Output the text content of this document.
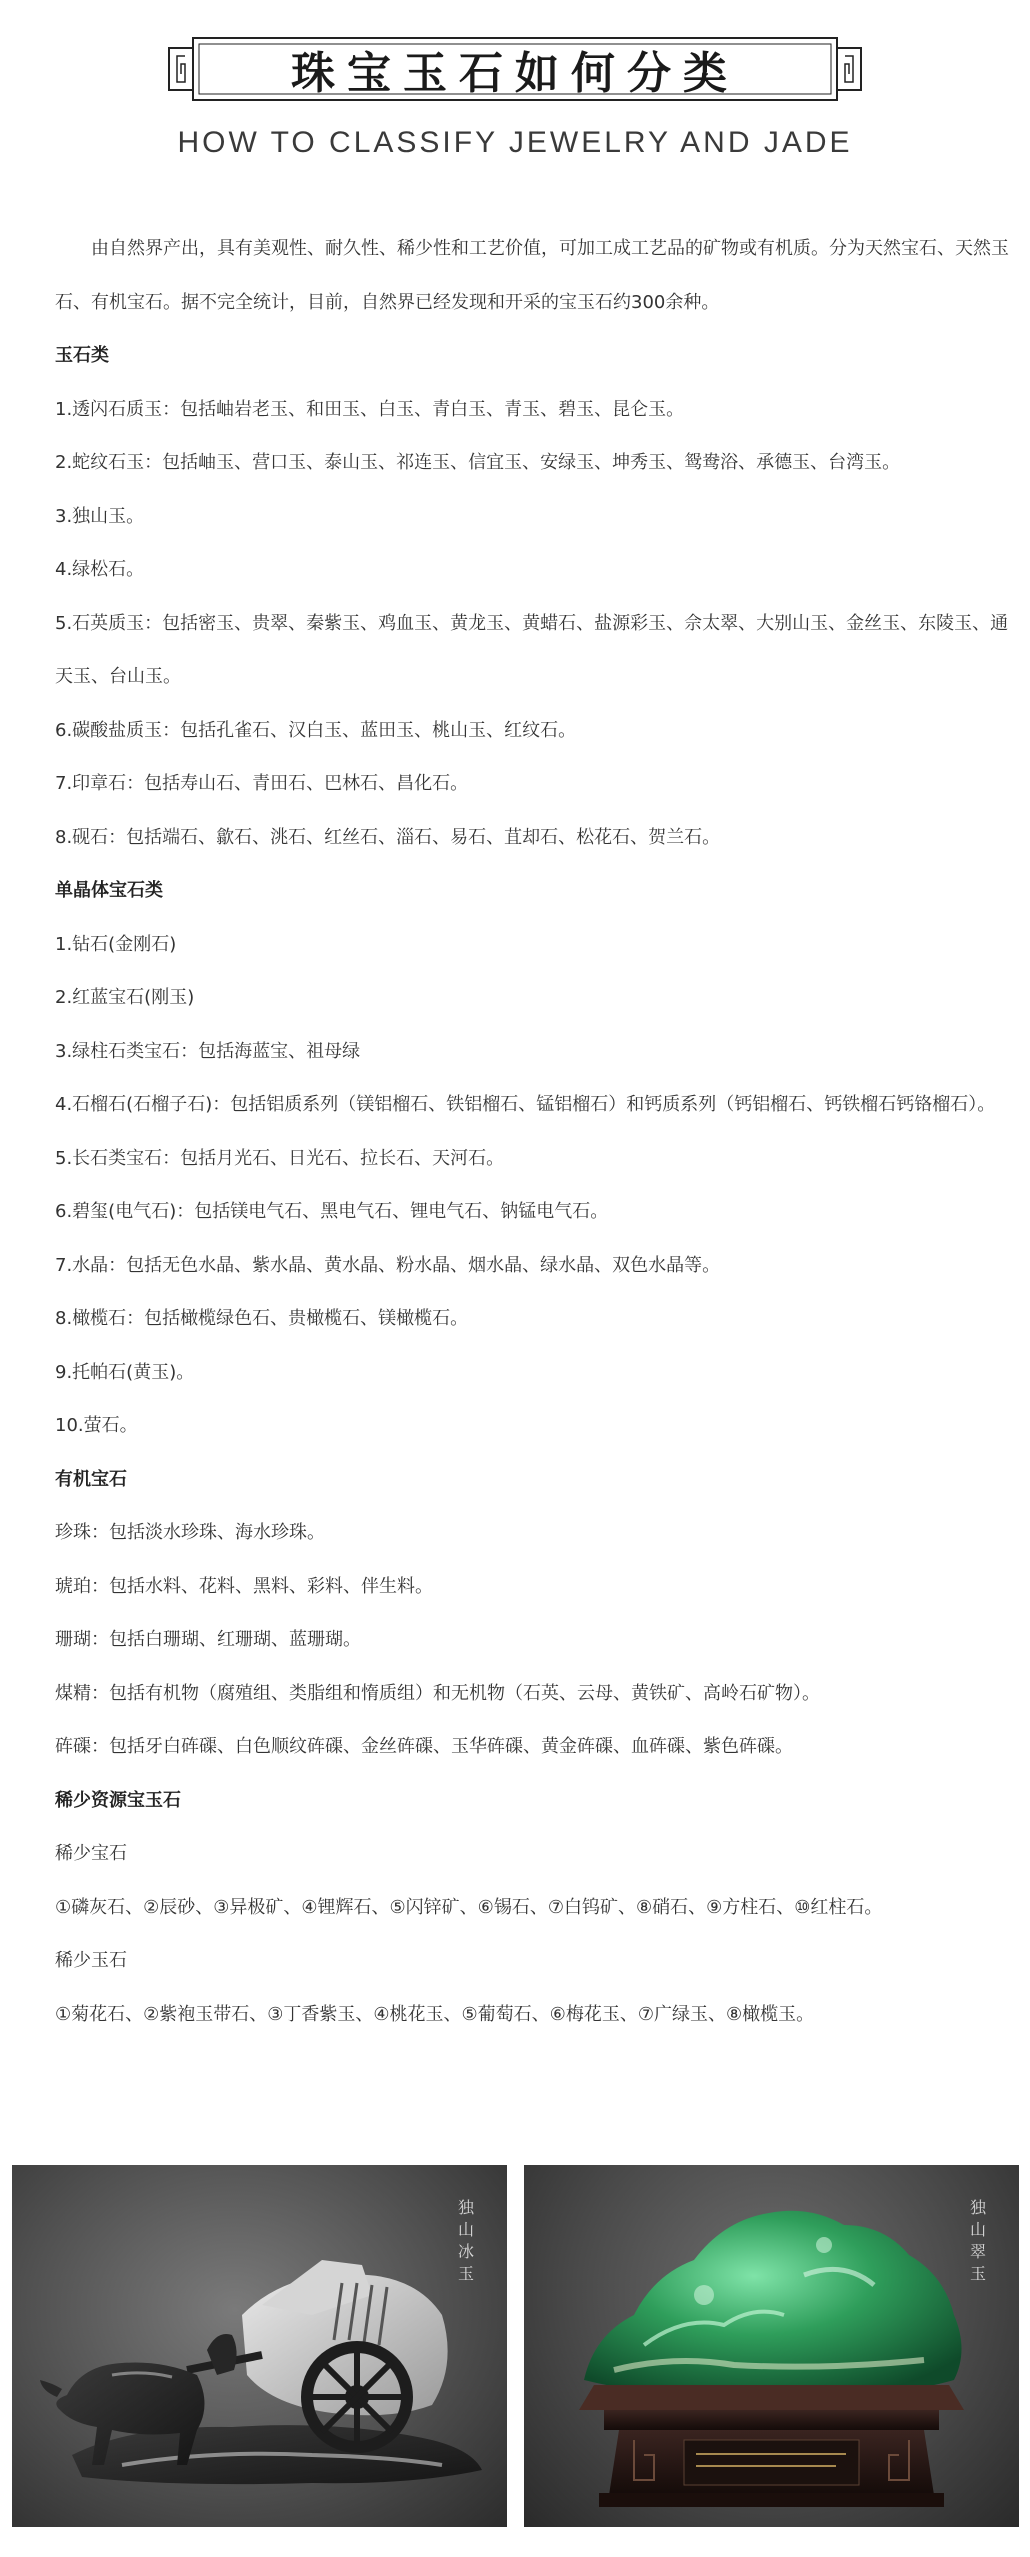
珠宝玉石如何分类
HOW TO CLASSIFY JEWELRY AND JADE

由自然界产出，具有美观性、耐久性、稀少性和工艺价值，可加工成工艺品的矿物或有机质。分为天然宝石、天然玉石、有机宝石。据不完全统计，目前，自然界已经发现和开采的宝玉石约300余种。

玉石类

1.透闪石质玉：包括岫岩老玉、和田玉、白玉、青白玉、青玉、碧玉、昆仑玉。

2.蛇纹石玉：包括岫玉、营口玉、泰山玉、祁连玉、信宜玉、安绿玉、坤秀玉、鸳鸯浴、承德玉、台湾玉。

3.独山玉。

4.绿松石。

5.石英质玉：包括密玉、贵翠、秦紫玉、鸡血玉、黄龙玉、黄蜡石、盐源彩玉、佘太翠、大别山玉、金丝玉、东陵玉、通天玉、台山玉。

6.碳酸盐质玉：包括孔雀石、汉白玉、蓝田玉、桃山玉、红纹石。

7.印章石：包括寿山石、青田石、巴林石、昌化石。

8.砚石：包括端石、歙石、洮石、红丝石、淄石、易石、苴却石、松花石、贺兰石。

单晶体宝石类

1.钻石(金刚石)

2.红蓝宝石(刚玉)

3.绿柱石类宝石：包括海蓝宝、祖母绿

4.石榴石(石榴子石)：包括铝质系列（镁铝榴石、铁铝榴石、锰铝榴石）和钙质系列（钙铝榴石、钙铁榴石钙铬榴石）。

5.长石类宝石：包括月光石、日光石、拉长石、天河石。

6.碧玺(电气石)：包括镁电气石、黑电气石、锂电气石、钠锰电气石。

7.水晶：包括无色水晶、紫水晶、黄水晶、粉水晶、烟水晶、绿水晶、双色水晶等。

8.橄榄石：包括橄榄绿色石、贵橄榄石、镁橄榄石。

9.托帕石(黄玉)。

10.萤石。

有机宝石

珍珠：包括淡水珍珠、海水珍珠。

琥珀：包括水料、花料、黑料、彩料、伴生料。

珊瑚：包括白珊瑚、红珊瑚、蓝珊瑚。

煤精：包括有机物（腐殖组、类脂组和惰质组）和无机物（石英、云母、黄铁矿、高岭石矿物）。

砗磲：包括牙白砗磲、白色顺纹砗磲、金丝砗磲、玉华砗磲、黄金砗磲、血砗磲、紫色砗磲。

稀少资源宝玉石

稀少宝石

①磷灰石、②辰砂、③异极矿、④锂辉石、⑤闪锌矿、⑥锡石、⑦白钨矿、⑧硝石、⑨方柱石、⑩红柱石。

稀少玉石

①菊花石、②紫袍玉带石、③丁香紫玉、④桃花玉、⑤葡萄石、⑥梅花玉、⑦广绿玉、⑧橄榄玉。

独山冰玉
独山翠玉
